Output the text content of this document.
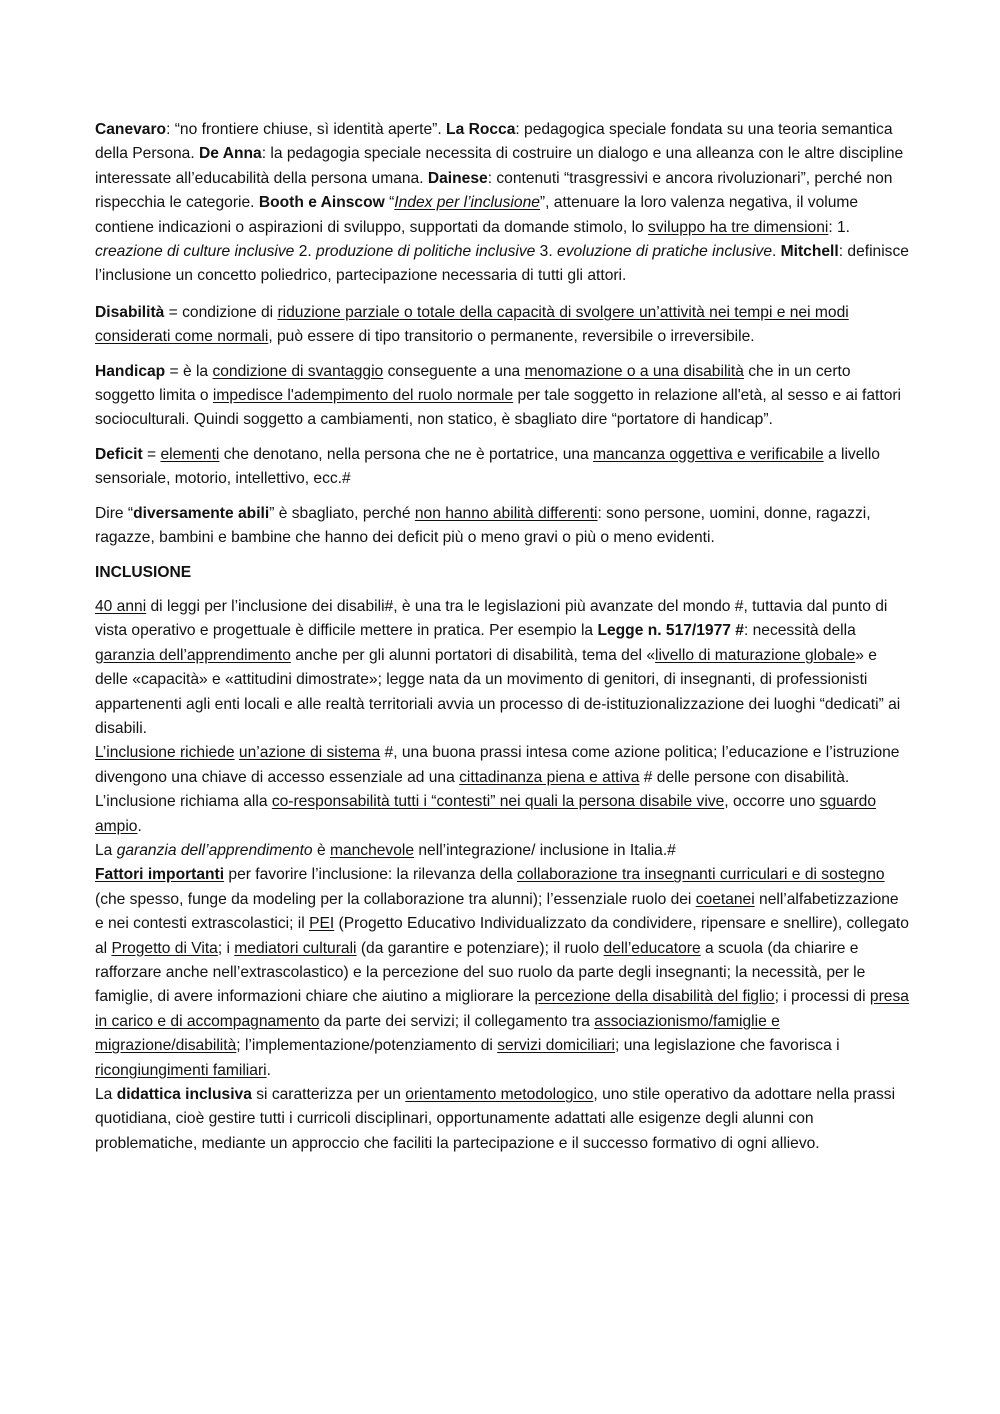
Canevaro: “no frontiere chiuse, sì identità aperte”. La Rocca: pedagogica speciale fondata su una teoria semantica della Persona. De Anna: la pedagogia speciale necessita di costruire un dialogo e una alleanza con le altre discipline interessate all’educabilità della persona umana. Dainese: contenuti “trasgressivi e ancora rivoluzionari”, perché non rispecchia le categorie. Booth e Ainscow “Index per l’inclusione”, attenuare la loro valenza negativa, il volume contiene indicazioni o aspirazioni di sviluppo, supportati da domande stimolo, lo sviluppo ha tre dimensioni: 1. creazione di culture inclusive 2. produzione di politiche inclusive 3. evoluzione di pratiche inclusive. Mitchell: definisce l’inclusione un concetto poliedrico, partecipazione necessaria di tutti gli attori.

Disabilità = condizione di riduzione parziale o totale della capacità di svolgere un’attività nei tempi e nei modi considerati come normali, può essere di tipo transitorio o permanente, reversibile o irreversibile.

Handicap = è la condizione di svantaggio conseguente a una menomazione o a una disabilità che in un certo soggetto limita o impedisce l'adempimento del ruolo normale per tale soggetto in relazione all'età, al sesso e ai fattori socioculturali. Quindi soggetto a cambiamenti, non statico, è sbagliato dire “portatore di handicap”.

Deficit = elementi che denotano, nella persona che ne è portatrice, una mancanza oggettiva e verificabile a livello sensoriale, motorio, intellettivo, ecc.#

Dire “diversamente abili” è sbagliato, perché non hanno abilità differenti: sono persone, uomini, donne, ragazzi, ragazze, bambini e bambine che hanno dei deficit più o meno gravi o più o meno evidenti.

INCLUSIONE

40 anni di leggi per l’inclusione dei disabili#, è una tra le legislazioni più avanzate del mondo #, tuttavia dal punto di vista operativo e progettuale è difficile mettere in pratica. Per esempio la Legge n. 517/1977 #: necessità della garanzia dell’apprendimento anche per gli alunni portatori di disabilità, tema del «livello di maturazione globale» e delle «capacità» e «attitudini dimostrate»; legge nata da un movimento di genitori, di insegnanti, di professionisti appartenenti agli enti locali e alle realtà territoriali avvia un processo di de-istituzionalizzazione dei luoghi “dedicati” ai disabili.

L’inclusione richiede un’azione di sistema #, una buona prassi intesa come azione politica; l’educazione e l’istruzione divengono una chiave di accesso essenziale ad una cittadinanza piena e attiva # delle persone con disabilità. L’inclusione richiama alla co-responsabilità tutti i “contesti” nei quali la persona disabile vive, occorre uno sguardo ampio.

La garanzia dell’apprendimento è manchevole nell’integrazione/ inclusione in Italia.#

Fattori importanti per favorire l’inclusione: la rilevanza della collaborazione tra insegnanti curriculari e di sostegno (che spesso, funge da modeling per la collaborazione tra alunni); l’essenziale ruolo dei coetanei nell’alfabetizzazione e nei contesti extrascolastici; il PEI (Progetto Educativo Individualizzato da condividere, ripensare e snellire), collegato al Progetto di Vita; i mediatori culturali (da garantire e potenziare); il ruolo dell’educatore a scuola (da chiarire e rafforzare anche nell’extrascolastico) e la percezione del suo ruolo da parte degli insegnanti; la necessità, per le famiglie, di avere informazioni chiare che aiutino a migliorare la percezione della disabilità del figlio; i processi di presa in carico e di accompagnamento da parte dei servizi; il collegamento tra associazionismo/famiglie e migrazione/disabilità; l’implementazione/potenziamento di servizi domiciliari; una legislazione che favorisca i ricongiungimenti familiari.

La didattica inclusiva si caratterizza per un orientamento metodologico, uno stile operativo da adottare nella prassi quotidiana, cioè gestire tutti i curricoli disciplinari, opportunamente adattati alle esigenze degli alunni con problematiche, mediante un approccio che faciliti la partecipazione e il successo formativo di ogni allievo.
